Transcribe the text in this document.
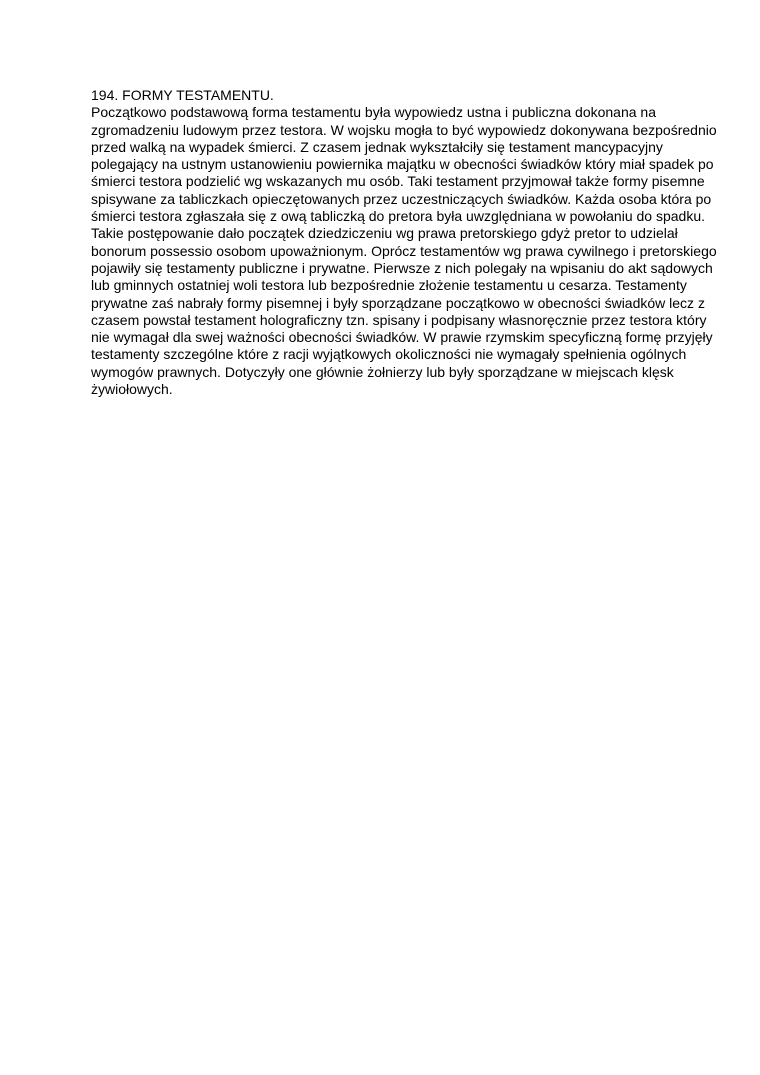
194. FORMY TESTAMENTU.
Początkowo podstawową forma testamentu była wypowiedz ustna i publiczna dokonana na
zgromadzeniu ludowym przez testora. W wojsku mogła to być wypowiedz dokonywana bezpośrednio
przed walką na wypadek śmierci. Z czasem jednak wykształciły się testament mancypacyjny
polegający na ustnym ustanowieniu powiernika majątku w obecności świadków który miał spadek po
śmierci testora podzielić wg wskazanych mu osób. Taki testament przyjmował także formy pisemne
spisywane za tabliczkach opieczętowanych przez uczestniczących świadków. Każda osoba która po
śmierci testora zgłaszała się z ową tabliczką do pretora była uwzględniana w powołaniu do spadku.
Takie postępowanie dało początek dziedziczeniu wg prawa pretorskiego gdyż pretor to udzielał
bonorum possessio osobom upoważnionym. Oprócz testamentów wg prawa cywilnego i pretorskiego
pojawiły się testamenty publiczne i prywatne. Pierwsze z nich polegały na wpisaniu do akt sądowych
lub gminnych ostatniej woli testora lub bezpośrednie złożenie testamentu u cesarza. Testamenty
prywatne zaś nabrały formy pisemnej i były sporządzane początkowo w obecności świadków lecz z
czasem powstał testament holograficzny tzn. spisany i podpisany własnoręcznie przez testora który
nie wymagał dla swej ważności obecności świadków. W prawie rzymskim specyficzną formę przyjęły
testamenty szczególne które z racji wyjątkowych okoliczności nie wymagały spełnienia ogólnych
wymogów prawnych. Dotyczyły one głównie żołnierzy lub były sporządzane w miejscach klęsk
żywiołowych.
